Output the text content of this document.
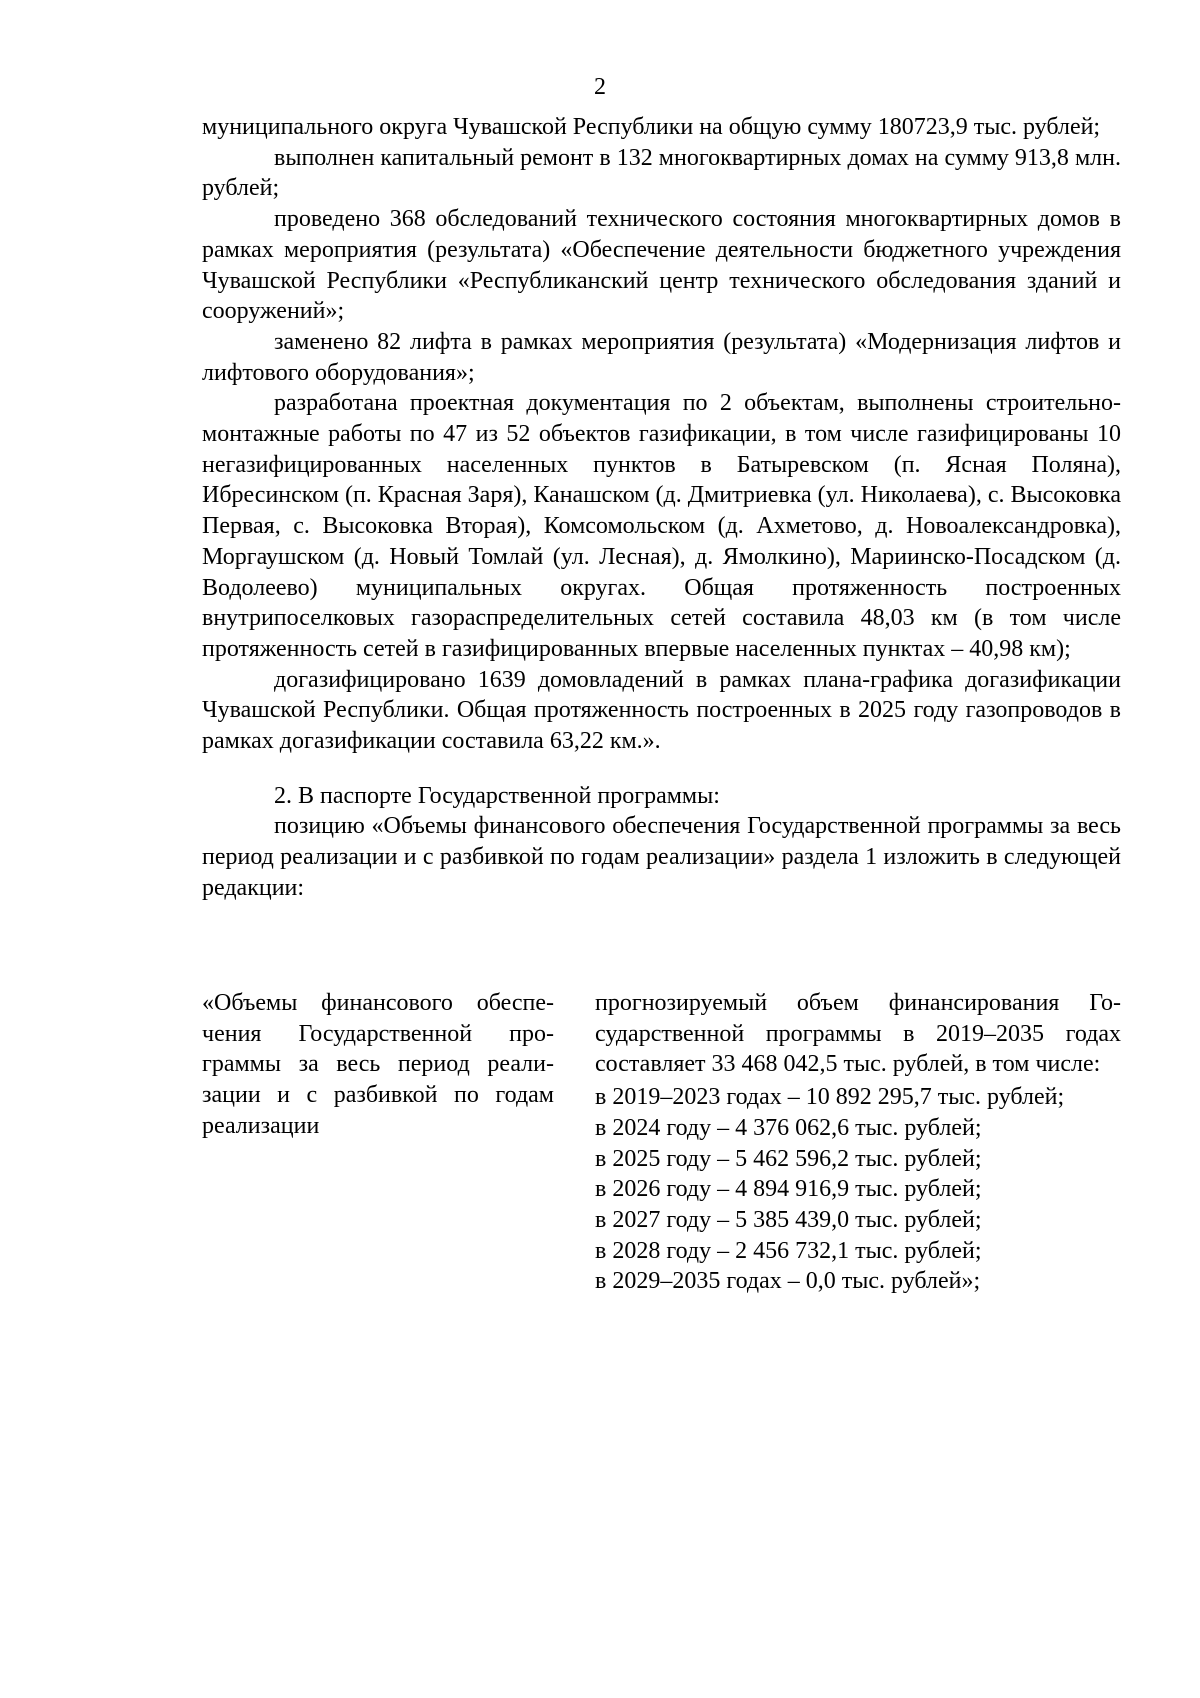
2

муниципального округа Чувашской Республики на общую сумму 180723,9 тыс. рублей;

выполнен капитальный ремонт в 132 многоквартирных домах на сумму 913,8 млн. рублей;

проведено 368 обследований технического состояния многоквартирных домов в рамках мероприятия (результата) «Обеспечение деятельности бюджетного учреждения Чувашской Республики «Республиканский центр технического обследования зданий и сооружений»;

заменено 82 лифта в рамках мероприятия (результата) «Модернизация лифтов и лифтового оборудования»;

разработана проектная документация по 2 объектам, выполнены строительно-монтажные работы по 47 из 52 объектов газификации, в том числе газифицированы 10 негазифицированных населенных пунктов в Батыревском (п. Ясная Поляна), Ибресинском (п. Красная Заря), Канашском (д. Дмитриевка (ул. Николаева), с. Высоковка Первая, с. Высоковка Вторая), Комсомольском (д. Ахметово, д. Новоалександровка), Моргаушском (д. Новый Томлай (ул. Лесная), д. Ямолкино), Мариинско-Посадском (д. Водолеево) муниципальных округах. Общая протяженность построенных внутрипоселковых газораспределительных сетей составила 48,03 км (в том числе протяженность сетей в газифицированных впервые населенных пунктах – 40,98 км);

догазифицировано 1639 домовладений в рамках плана-графика догазификации Чувашской Республики. Общая протяженность построенных в 2025 году газопроводов в рамках догазификации составила 63,22 км.».

2. В паспорте Государственной программы:

позицию «Объемы финансового обеспечения Государственной программы за весь период реализации и с разбивкой по годам реализации» раздела 1 изложить в следующей редакции:

«Объемы финансового обеспечения Государственной программы за весь период реализации и с разбивкой по годам реализации

прогнозируемый объем финансирования Государственной программы в 2019–2035 годах составляет 33 468 042,5 тыс. рублей, в том числе:

в 2019–2023 годах – 10 892 295,7 тыс. рублей;

в 2024 году – 4 376 062,6 тыс. рублей;

в 2025 году – 5 462 596,2 тыс. рублей;

в 2026 году – 4 894 916,9 тыс. рублей;

в 2027 году – 5 385 439,0 тыс. рублей;

в 2028 году – 2 456 732,1 тыс. рублей;

в 2029–2035 годах – 0,0 тыс. рублей»;
